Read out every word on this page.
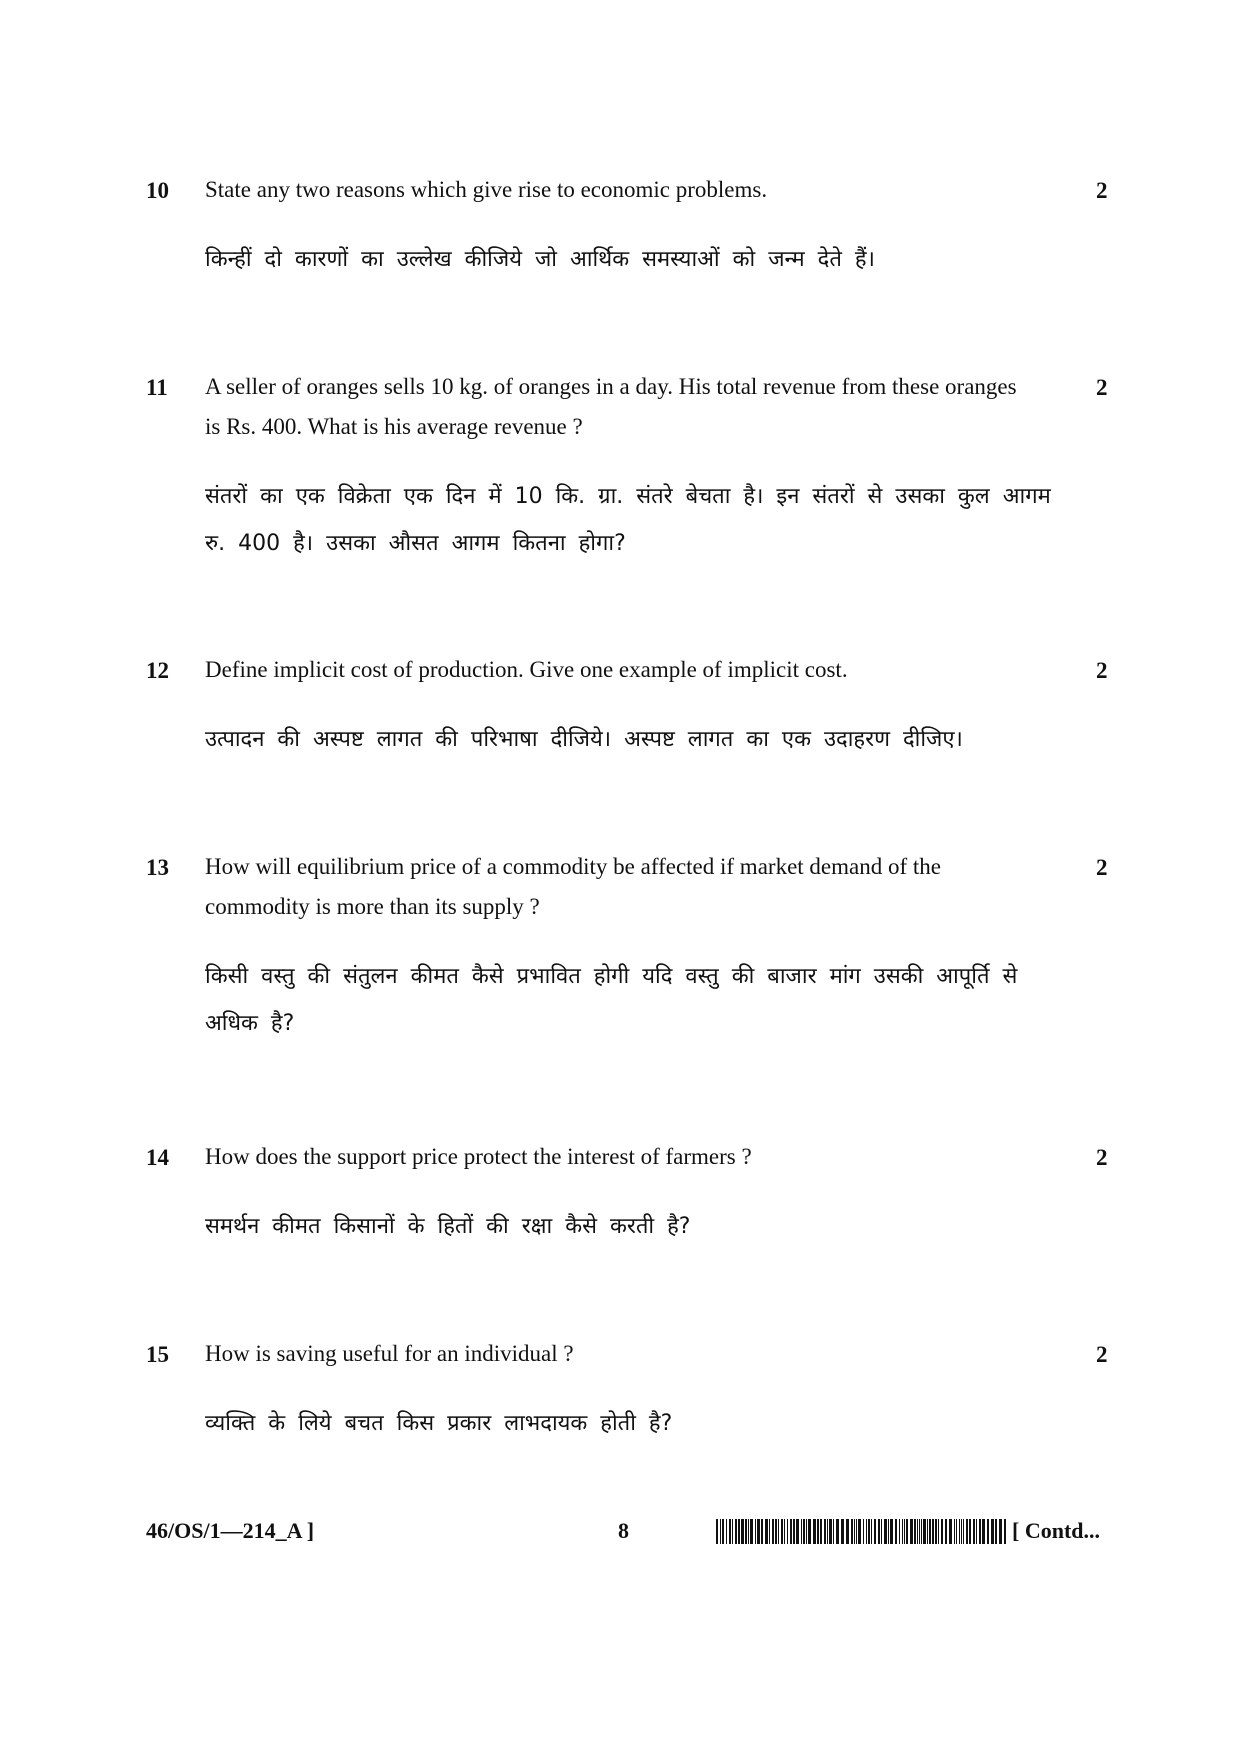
10 State any two reasons which give rise to economic problems.	2
किन्हीं दो कारणों का उल्लेख कीजिये जो आर्थिक समस्याओं को जन्म देते हैं।
11 A seller of oranges sells 10 kg. of oranges in a day. His total revenue from these oranges is Rs. 400. What is his average revenue ?
2
संतरों का एक विक्रेता एक दिन में 10 कि. ग्रा. संतरे बेचता है। इन संतरों से उसका कुल आगम रु. 400 है। उसका औसत आगम कितना होगा?
12 Define implicit cost of production. Give one example of implicit cost.	2
उत्पादन की अस्पष्ट लागत की परिभाषा दीजिये। अस्पष्ट लागत का एक उदाहरण दीजिए।
13 How will equilibrium price of a commodity be affected if market demand of the commodity is more than its supply ?
2
किसी वस्तु की संतुलन कीमत कैसे प्रभावित होगी यदि वस्तु की बाजार मांग उसकी आपूर्ति से अधिक है?
14 How does the support price protect the interest of farmers ?	2
समर्थन कीमत किसानों के हितों की रक्षा कैसे करती है?
15 How is saving useful for an individual ?	2
व्यक्ति के लिये बचत किस प्रकार लाभदायक होती है?
46/OS/1—214_A ]	8	[ Contd...
